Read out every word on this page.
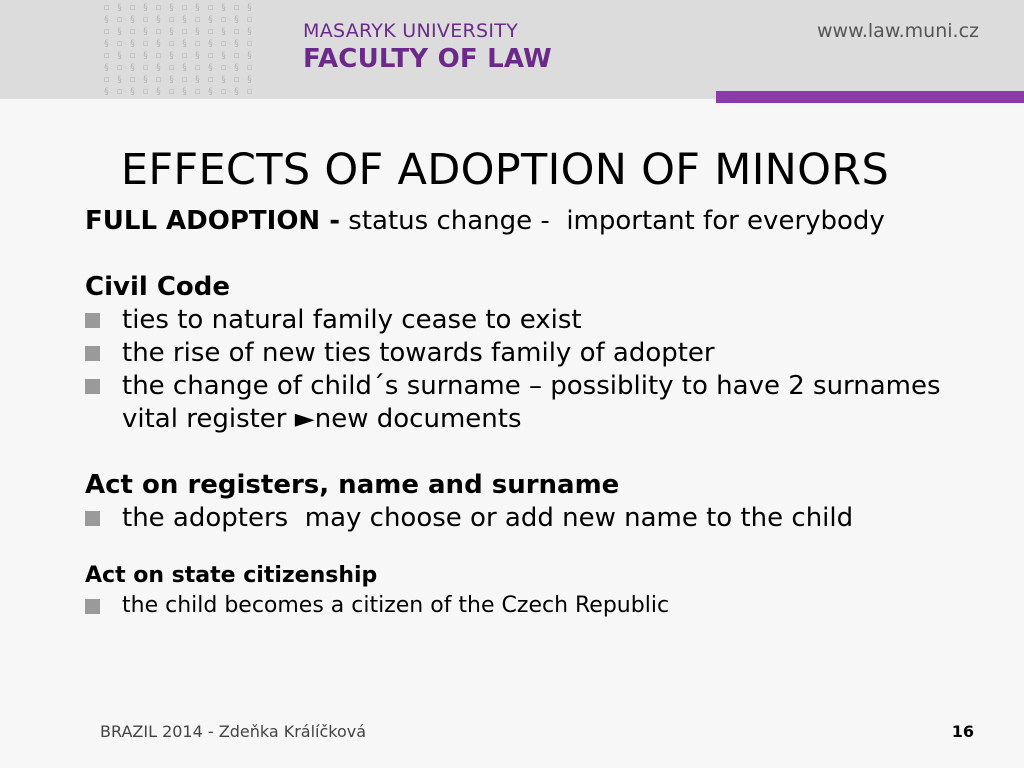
▫ § ▫ § ▫ § ▫ § ▫ § ▫ §
§ ▫ § ▫ § ▫ § ▫ § ▫ § ▫
▫ § ▫ § ▫ § ▫ § ▫ § ▫ §
§ ▫ § ▫ § ▫ § ▫ § ▫ § ▫
▫ § ▫ § ▫ § ▫ § ▫ § ▫ §
§ ▫ § ▫ § ▫ § ▫ § ▫ § ▫
▫ § ▫ § ▫ § ▫ § ▫ § ▫ §
§ ▫ § ▫ § ▫ § ▫ § ▫ § ▫
MASARYK UNIVERSITY
FACULTY OF LAW
www.law.muni.cz
EFFECTS OF ADOPTION OF MINORS

FULL ADOPTION - status change -  important for everybody

Civil Code

ties to natural family cease to exist
the rise of new ties towards family of adopter
the change of child´s surname – possiblity to have 2 surnames

vital register ►new documents

Act on registers, name and surname

the adopters  may choose or add new name to the child

Act on state citizenship

the child becomes a citizen of the Czech Republic
BRAZIL 2014 - Zdeňka Králíčková	16
